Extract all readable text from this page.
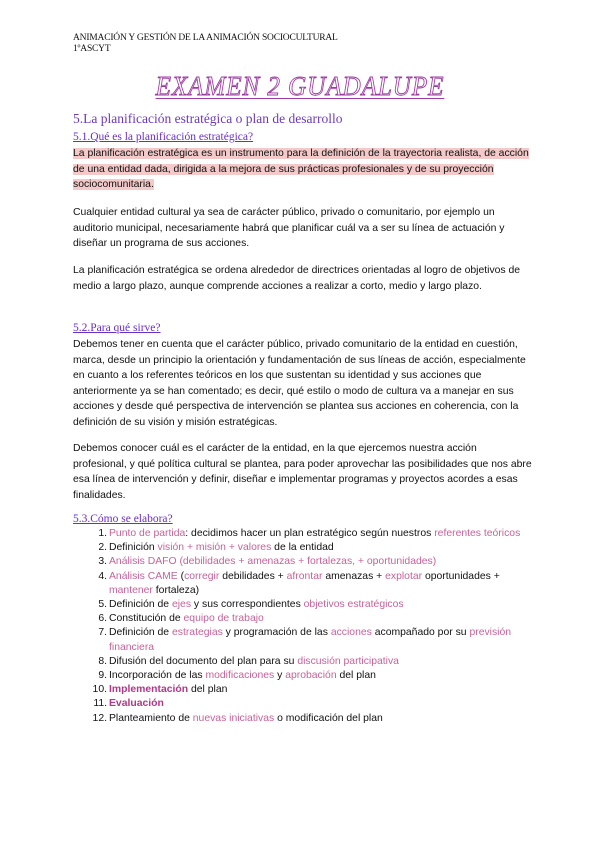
ANIMACIÓN Y GESTIÓN DE LA ANIMACIÓN SOCIOCULTURAL
1ºASCYT
EXAMEN 2 GUADALUPE
5.La planificación estratégica o plan de desarrollo
5.1.Qué es la planificación estratégica?

La planificación estratégica es un instrumento para la definición de la trayectoria realista, de acción de una entidad dada, dirigida a la mejora de sus prácticas profesionales y de su proyección sociocomunitaria.

Cualquier entidad cultural ya sea de carácter público, privado o comunitario, por ejemplo un auditorio municipal, necesariamente habrá que planificar cuál va a ser su línea de actuación y diseñar un programa de sus acciones.

La planificación estratégica se ordena alrededor de directrices orientadas al logro de objetivos de medio a largo plazo, aunque comprende acciones a realizar a corto, medio y largo plazo.

5.2.Para qué sirve?

Debemos tener en cuenta que el carácter público, privado comunitario de la entidad en cuestión, marca, desde un principio la orientación y fundamentación de sus líneas de acción, especialmente en cuanto a los referentes teóricos en los que sustentan su identidad y sus acciones que anteriormente ya se han comentado; es decir, qué estilo o modo de cultura va a manejar en sus acciones y desde qué perspectiva de intervención se plantea sus acciones en coherencia, con la definición de su visión y misión estratégicas.

Debemos conocer cuál es el carácter de la entidad, en la que ejercemos nuestra acción profesional, y qué política cultural se plantea, para poder aprovechar las posibilidades que nos abre esa línea de intervención y definir, diseñar e implementar programas y proyectos acordes a esas finalidades.

5.3.Cómo se elabora?
1. Punto de partida: decidimos hacer un plan estratégico según nuestros referentes teóricos
2. Definición visión + misión + valores de la entidad
3. Análisis DAFO (debilidades + amenazas + fortalezas, + oportunidades)
4. Análisis CAME (corregir debilidades + afrontar amenazas + explotar oportunidades + mantener fortaleza)
5. Definición de ejes y sus correspondientes objetivos estratégicos
6. Constitución de equipo de trabajo
7. Definición de estrategias y programación de las acciones acompañado por su previsión financiera
8. Difusión del documento del plan para su discusión participativa
9. Incorporación de las modificaciones y aprobación del plan
10. Implementación del plan
11. Evaluación
12. Planteamiento de nuevas iniciativas o modificación del plan
